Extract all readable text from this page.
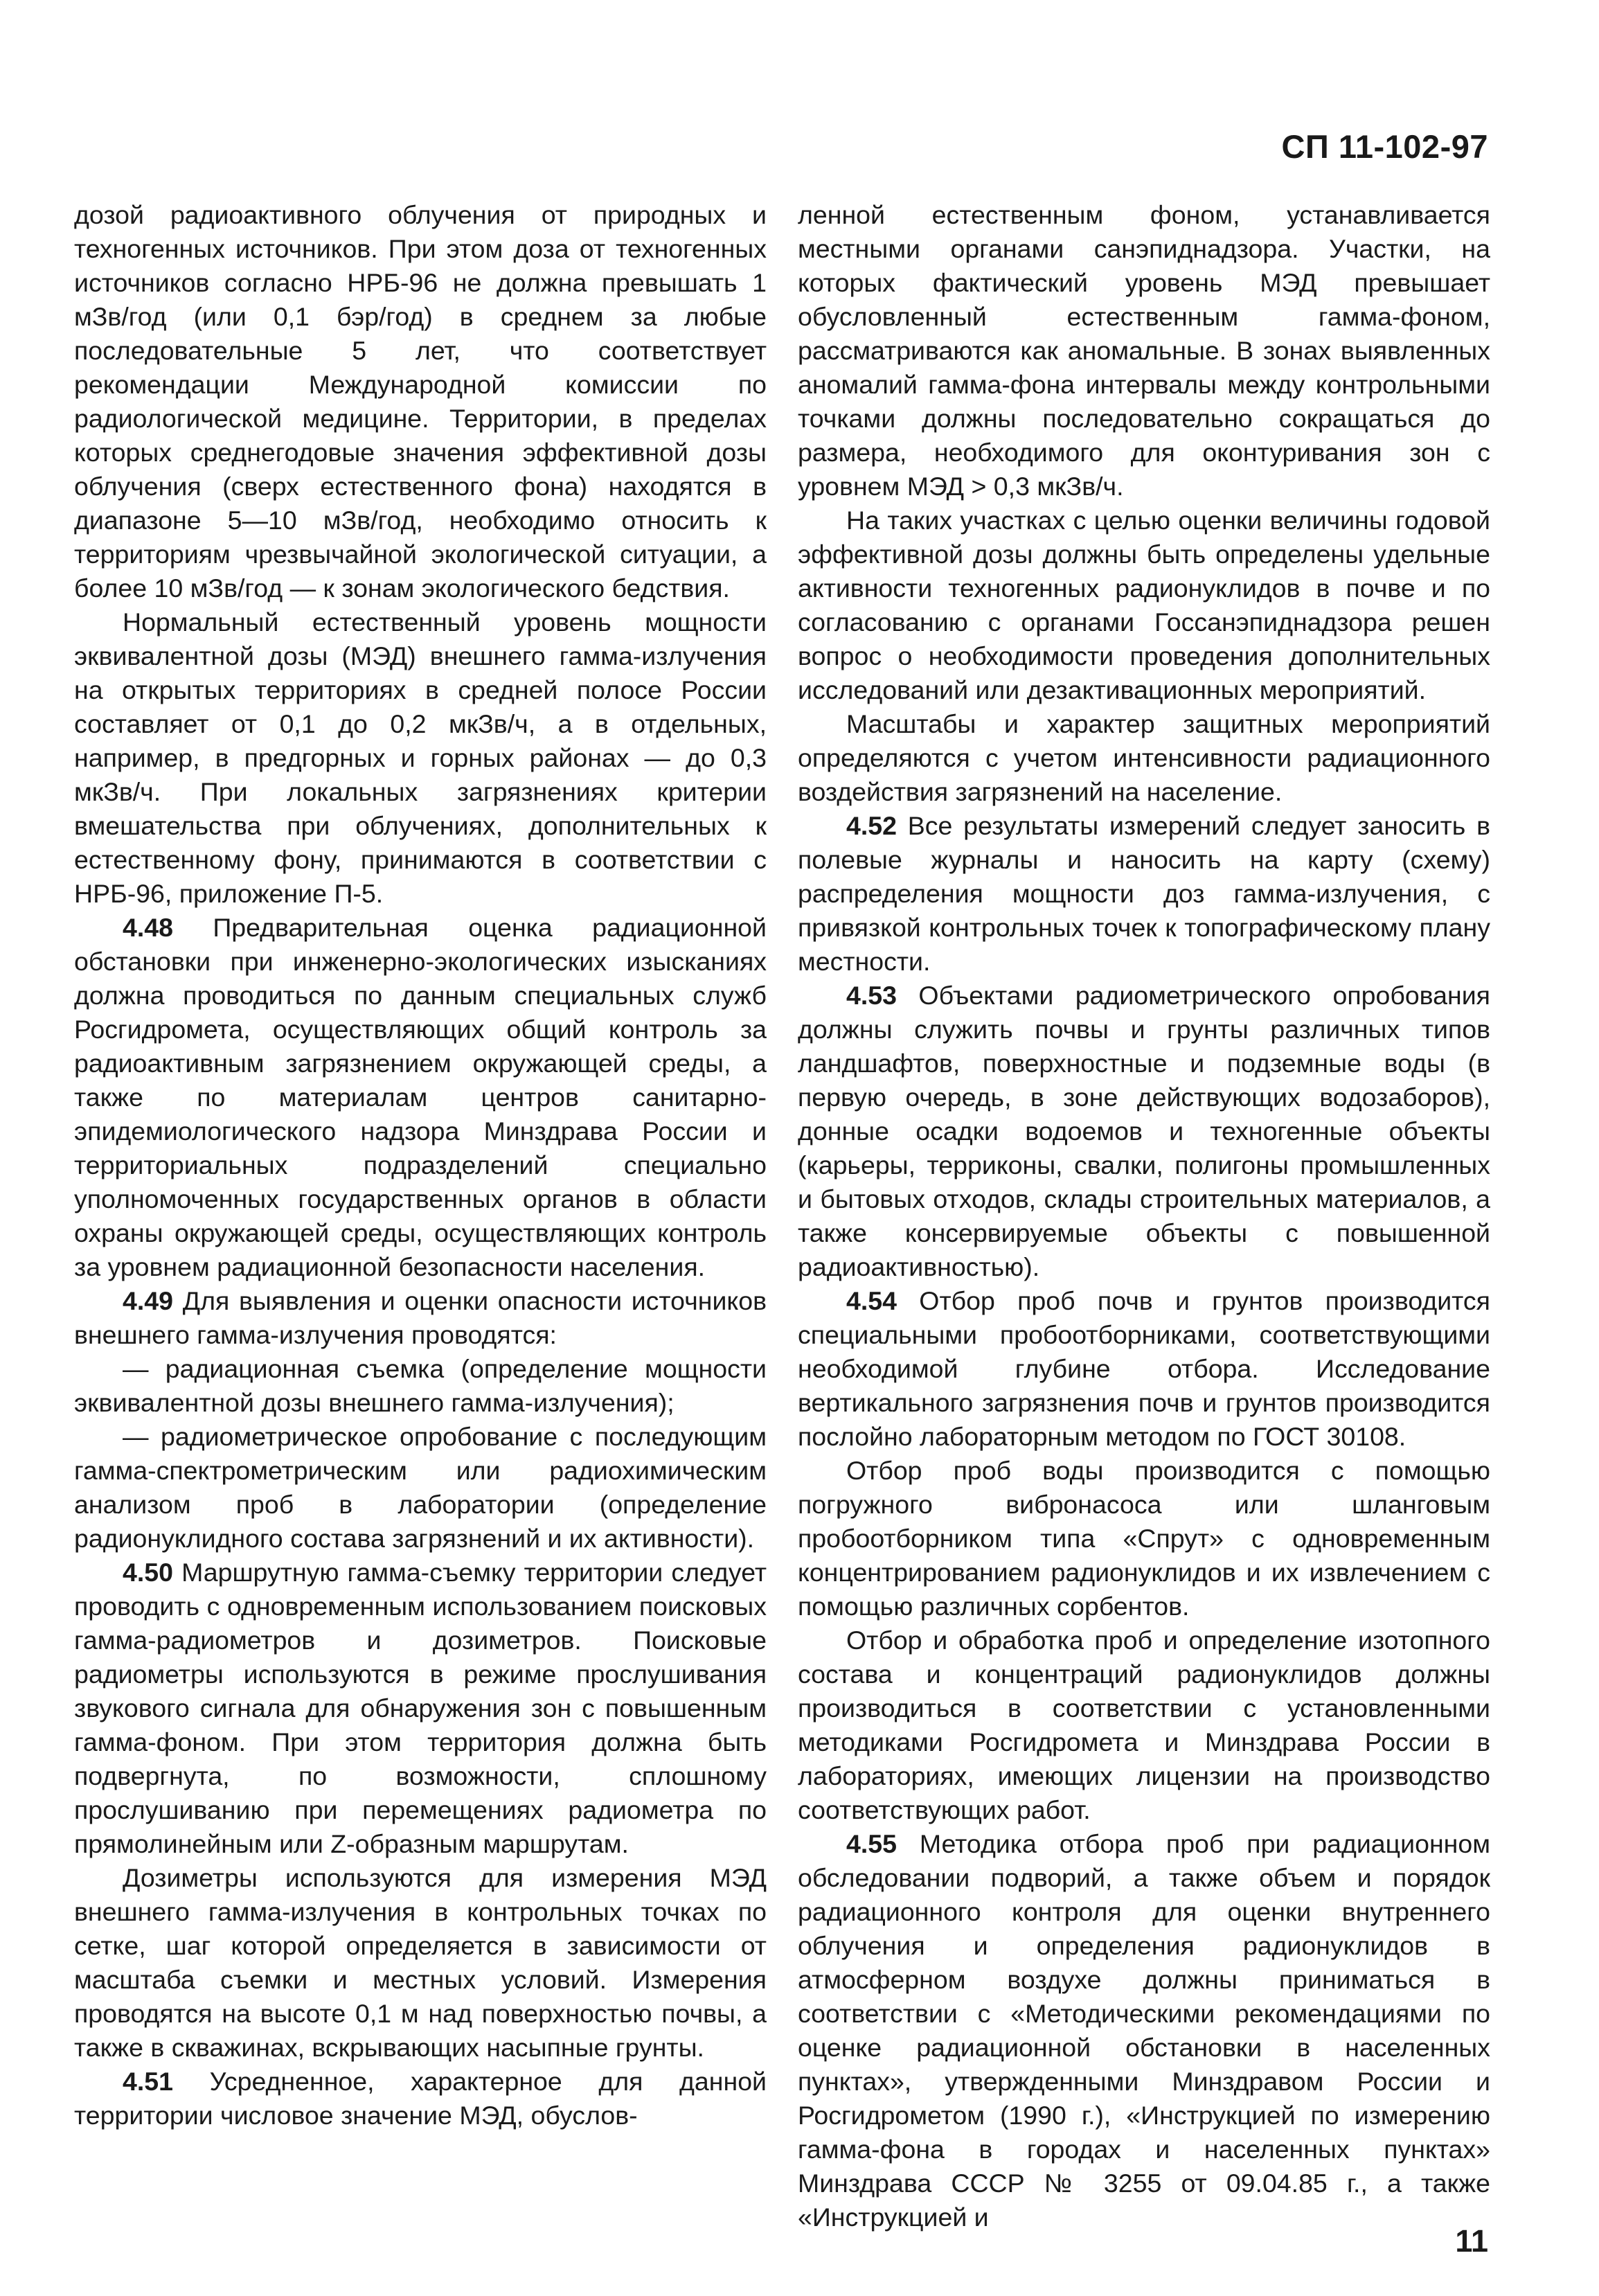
СП 11-102-97

дозой радиоактивного облучения от природных и техногенных источников. При этом доза от техногенных источников согласно НРБ-96 не должна превышать 1 мЗв/год (или 0,1 бэр/год) в среднем за любые последовательные 5 лет, что соответствует рекомендации Международной комиссии по радиологической медицине. Территории, в пределах которых среднегодовые значения эффективной дозы облучения (сверх естественного фона) находятся в диапазоне 5—10 мЗв/год, необходимо относить к территориям чрезвычайной экологической ситуации, а более 10 мЗв/год — к зонам экологического бедствия.

Нормальный естественный уровень мощности эквивалентной дозы (МЭД) внешнего гамма-излучения на открытых территориях в средней полосе России составляет от 0,1 до 0,2 мкЗв/ч, а в отдельных, например, в предгорных и горных районах — до 0,3 мкЗв/ч. При локальных загрязнениях критерии вмешательства при облучениях, дополнительных к естественному фону, принимаются в соответствии с НРБ-96, приложение П-5.

4.48 Предварительная оценка радиационной обстановки при инженерно-экологических изысканиях должна проводиться по данным специальных служб Росгидромета, осуществляющих общий контроль за радиоактивным загрязнением окружающей среды, а также по материалам центров санитарно-эпидемиологического надзора Минздрава России и территориальных подразделений специально уполномоченных государственных органов в области охраны окружающей среды, осуществляющих контроль за уровнем радиационной безопасности населения.

4.49 Для выявления и оценки опасности источников внешнего гамма-излучения проводятся:

— радиационная съемка (определение мощности эквивалентной дозы внешнего гамма-излучения);

— радиометрическое опробование с последующим гамма-спектрометрическим или радиохимическим анализом проб в лаборатории (определение радионуклидного состава загрязнений и их активности).

4.50 Маршрутную гамма-съемку территории следует проводить с одновременным использованием поисковых гамма-радиометров и дозиметров. Поисковые радиометры используются в режиме прослушивания звукового сигнала для обнаружения зон с повышенным гамма-фоном. При этом территория должна быть подвергнута, по возможности, сплошному прослушиванию при перемещениях радиометра по прямолинейным или Z-образным маршрутам.

Дозиметры используются для измерения МЭД внешнего гамма-излучения в контрольных точках по сетке, шаг которой определяется в зависимости от масштаба съемки и местных условий. Измерения проводятся на высоте 0,1 м над поверхностью почвы, а также в скважинах, вскрывающих насыпные грунты.

4.51 Усредненное, характерное для данной территории числовое значение МЭД, обуслов-

ленной естественным фоном, устанавливается местными органами санэпиднадзора. Участки, на которых фактический уровень МЭД превышает обусловленный естественным гамма-фоном, рассматриваются как аномальные. В зонах выявленных аномалий гамма-фона интервалы между контрольными точками должны последовательно сокращаться до размера, необходимого для оконтуривания зон с уровнем МЭД > 0,3 мкЗв/ч.

На таких участках с целью оценки величины годовой эффективной дозы должны быть определены удельные активности техногенных радионуклидов в почве и по согласованию с органами Госсанэпиднадзора решен вопрос о необходимости проведения дополнительных исследований или дезактивационных мероприятий.

Масштабы и характер защитных мероприятий определяются с учетом интенсивности радиационного воздействия загрязнений на население.

4.52 Все результаты измерений следует заносить в полевые журналы и наносить на карту (схему) распределения мощности доз гамма-излучения, с привязкой контрольных точек к топографическому плану местности.

4.53 Объектами радиометрического опробования должны служить почвы и грунты различных типов ландшафтов, поверхностные и подземные воды (в первую очередь, в зоне действующих водозаборов), донные осадки водоемов и техногенные объекты (карьеры, терриконы, свалки, полигоны промышленных и бытовых отходов, склады строительных материалов, а также консервируемые объекты с повышенной радиоактивностью).

4.54 Отбор проб почв и грунтов производится специальными пробоотборниками, соответствующими необходимой глубине отбора. Исследование вертикального загрязнения почв и грунтов производится послойно лабораторным методом по ГОСТ 30108.

Отбор проб воды производится с помощью погружного вибронасоса или шланговым пробоотборником типа «Спрут» с одновременным концентрированием радионуклидов и их извлечением с помощью различных сорбентов.

Отбор и обработка проб и определение изотопного состава и концентраций радионуклидов должны производиться в соответствии с установленными методиками Росгидромета и Минздрава России в лабораториях, имеющих лицензии на производство соответствующих работ.

4.55 Методика отбора проб при радиационном обследовании подворий, а также объем и порядок радиационного контроля для оценки внутреннего облучения и определения радионуклидов в атмосферном воздухе должны приниматься в соответствии с «Методическими рекомендациями по оценке радиационной обстановки в населенных пунктах», утвержденными Минздравом России и Росгидрометом (1990 г.), «Инструкцией по измерению гамма-фона в городах и населенных пунктах» Минздрава СССР № 3255 от 09.04.85 г., а также «Инструкцией и

11
